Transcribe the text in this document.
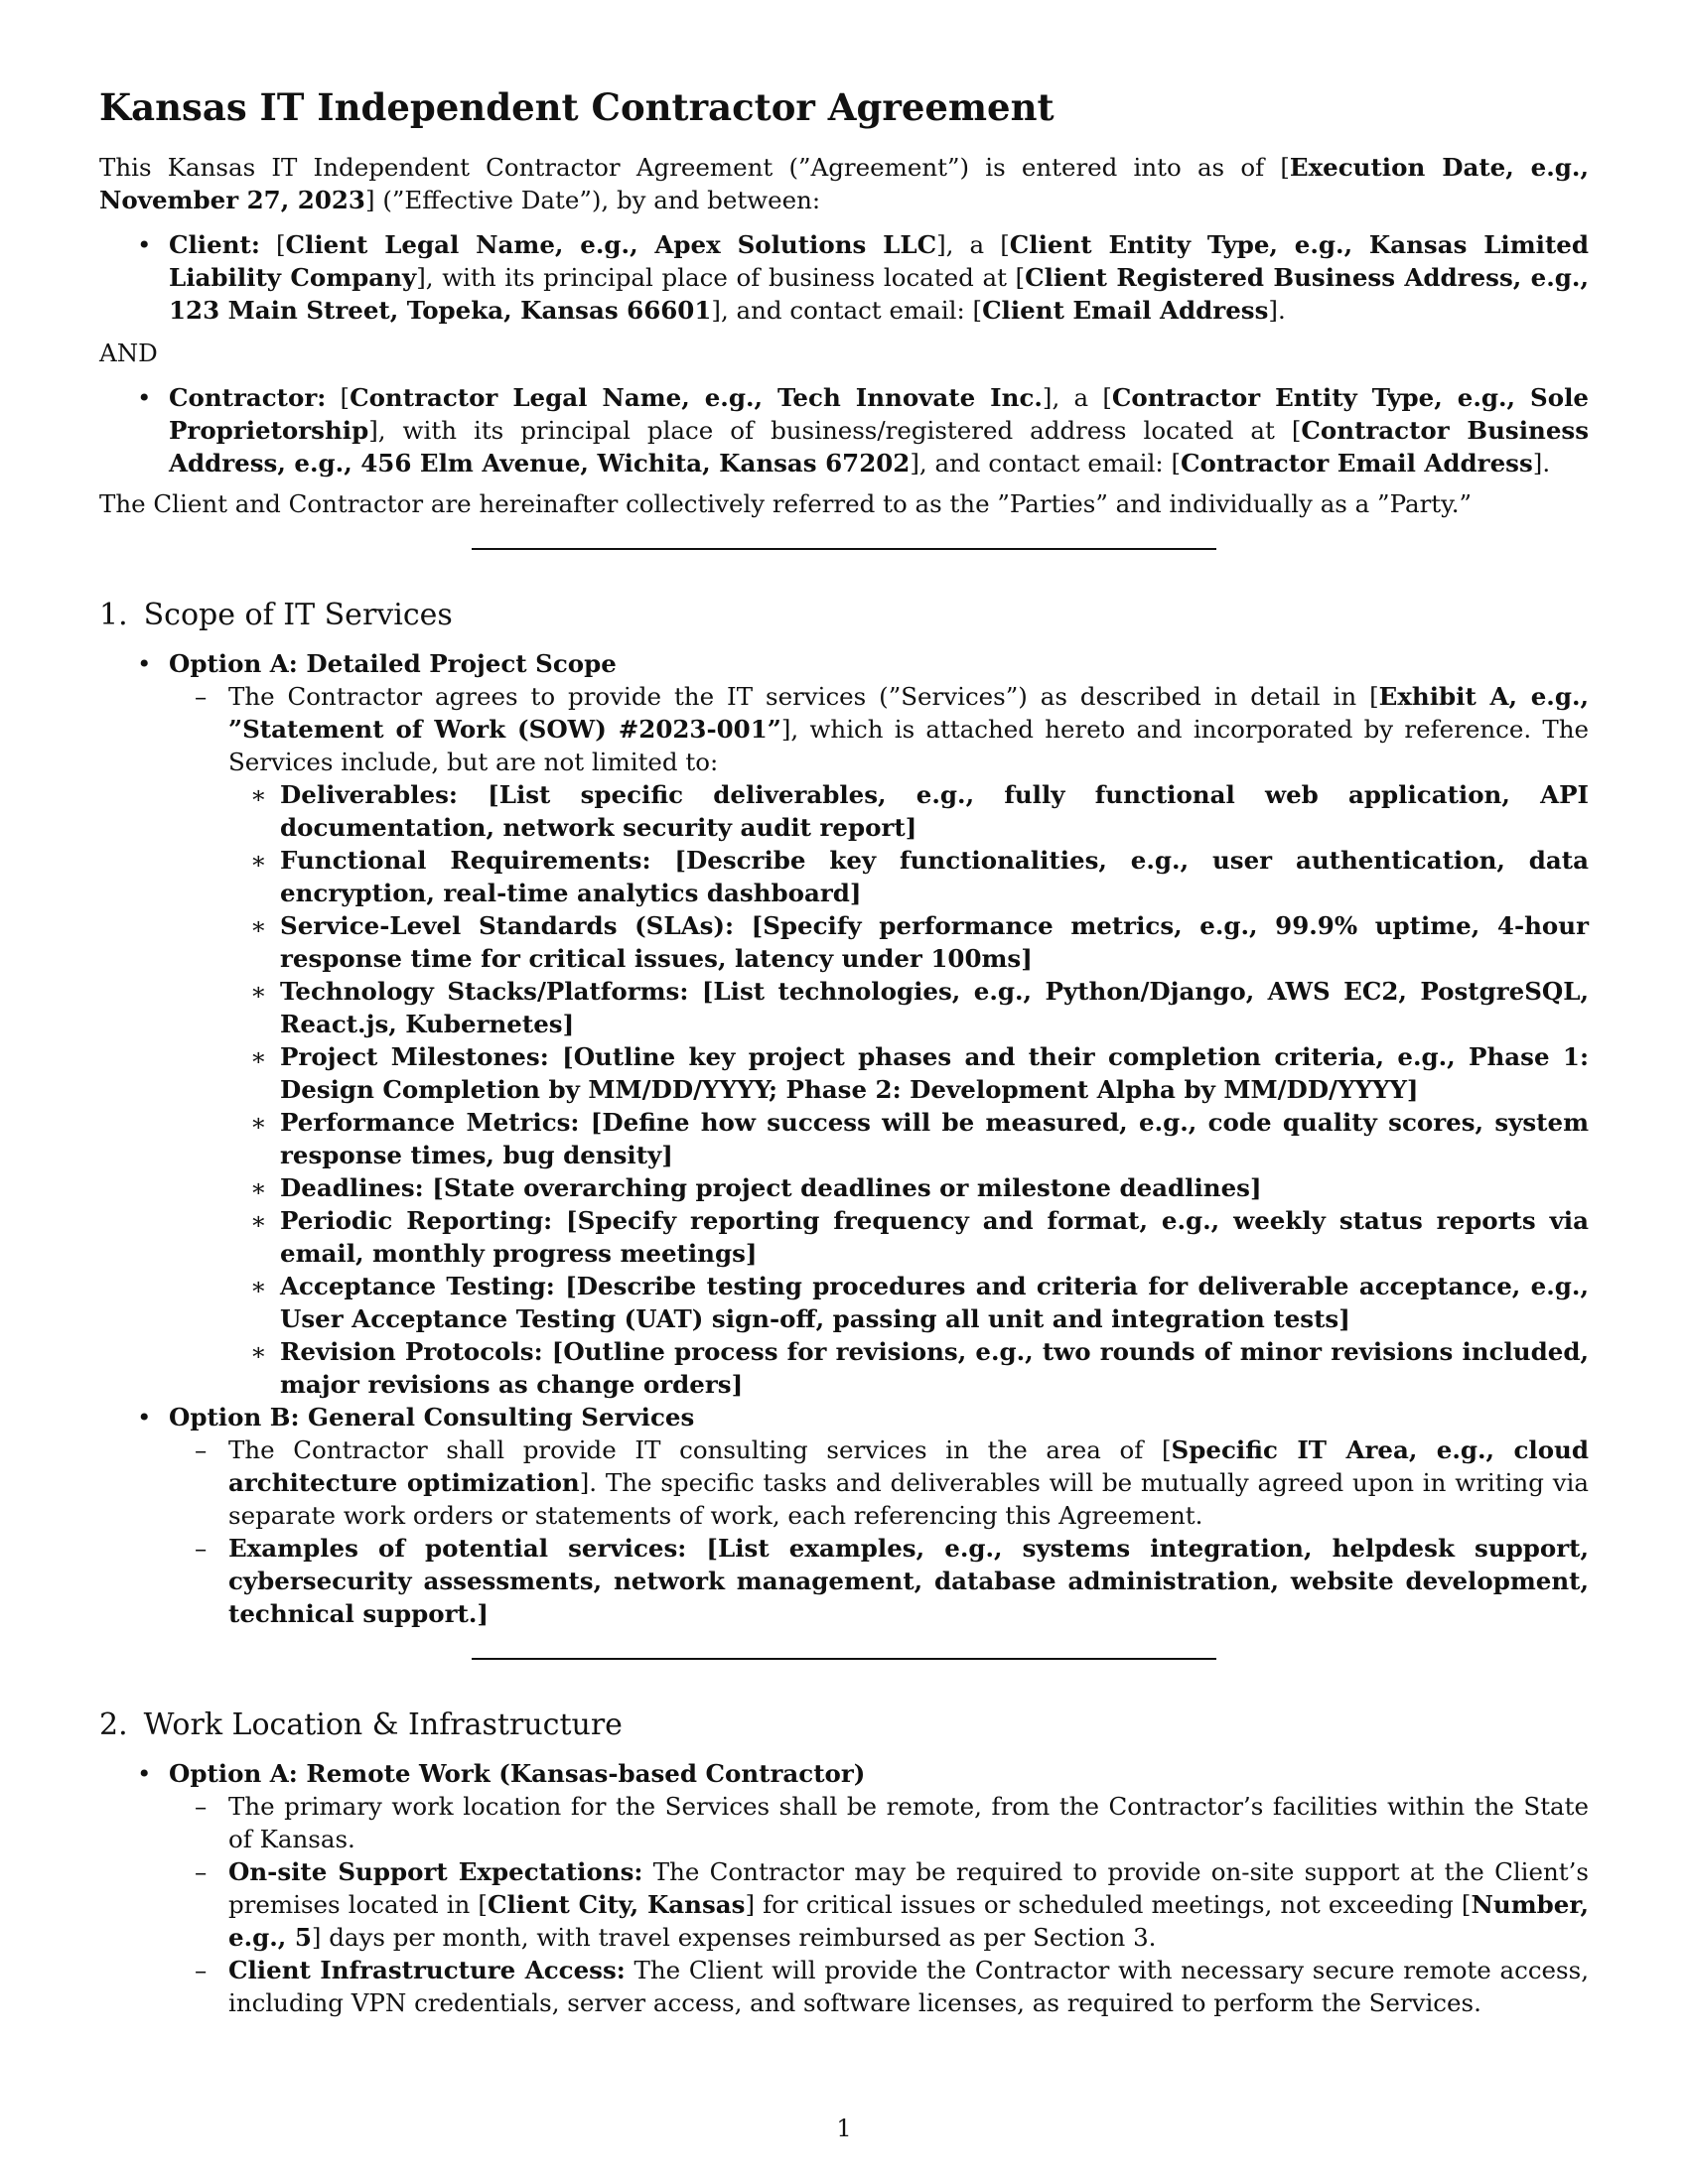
Kansas IT Independent Contractor Agreement

This Kansas IT Independent Contractor Agreement (”Agreement”) is entered into as of [Execution Date, e.g., November 27, 2023] (”Effective Date”), by and between:

• Client: [Client Legal Name, e.g., Apex Solutions LLC], a [Client Entity Type, e.g., Kansas Limited Liability Company], with its principal place of business located at [Client Registered Business Address, e.g., 123 Main Street, Topeka, Kansas 66601], and contact email: [Client Email Address].

AND

• Contractor: [Contractor Legal Name, e.g., Tech Innovate Inc.], a [Contractor Entity Type, e.g., Sole Proprietorship], with its principal place of business/registered address located at [Contractor Business Address, e.g., 456 Elm Avenue, Wichita, Kansas 67202], and contact email: [Contractor Email Address].

The Client and Contractor are hereinafter collectively referred to as the ”Parties” and individually as a ”Party.”

1. Scope of IT Services
• Option A: Detailed Project Scope
– The Contractor agrees to provide the IT services (”Services”) as described in detail in [Exhibit A, e.g., ”Statement of Work (SOW) #2023-001”], which is attached hereto and incorporated by reference. The Services include, but are not limited to:
∗ Deliverables: [List specific deliverables, e.g., fully functional web application, API documentation, network security audit report]
∗ Functional Requirements: [Describe key functionalities, e.g., user authentication, data encryption, real-time analytics dashboard]
∗ Service-Level Standards (SLAs): [Specify performance metrics, e.g., 99.9% uptime, 4-hour response time for critical issues, latency under 100ms]
∗ Technology Stacks/Platforms: [List technologies, e.g., Python/Django, AWS EC2, PostgreSQL, React.js, Kubernetes]
∗ Project Milestones: [Outline key project phases and their completion criteria, e.g., Phase 1: Design Completion by MM/DD/YYYY; Phase 2: Development Alpha by MM/DD/YYYY]
∗ Performance Metrics: [Define how success will be measured, e.g., code quality scores, system response times, bug density]
∗ Deadlines: [State overarching project deadlines or milestone deadlines]
∗ Periodic Reporting: [Specify reporting frequency and format, e.g., weekly status reports via email, monthly progress meetings]
∗ Acceptance Testing: [Describe testing procedures and criteria for deliverable acceptance, e.g., User Acceptance Testing (UAT) sign-off, passing all unit and integration tests]
∗ Revision Protocols: [Outline process for revisions, e.g., two rounds of minor revisions included, major revisions as change orders]
• Option B: General Consulting Services
– The Contractor shall provide IT consulting services in the area of [Specific IT Area, e.g., cloud architecture optimization]. The specific tasks and deliverables will be mutually agreed upon in writing via separate work orders or statements of work, each referencing this Agreement.
– Examples of potential services: [List examples, e.g., systems integration, helpdesk support, cybersecurity assessments, network management, database administration, website development, technical support.]
2. Work Location & Infrastructure
• Option A: Remote Work (Kansas-based Contractor)
– The primary work location for the Services shall be remote, from the Contractor’s facilities within the State of Kansas.
– On-site Support Expectations: The Contractor may be required to provide on-site support at the Client’s premises located in [Client City, Kansas] for critical issues or scheduled meetings, not exceeding [Number, e.g., 5] days per month, with travel expenses reimbursed as per Section 3.
– Client Infrastructure Access: The Client will provide the Contractor with necessary secure remote access, including VPN credentials, server access, and software licenses, as required to perform the Services.
1
